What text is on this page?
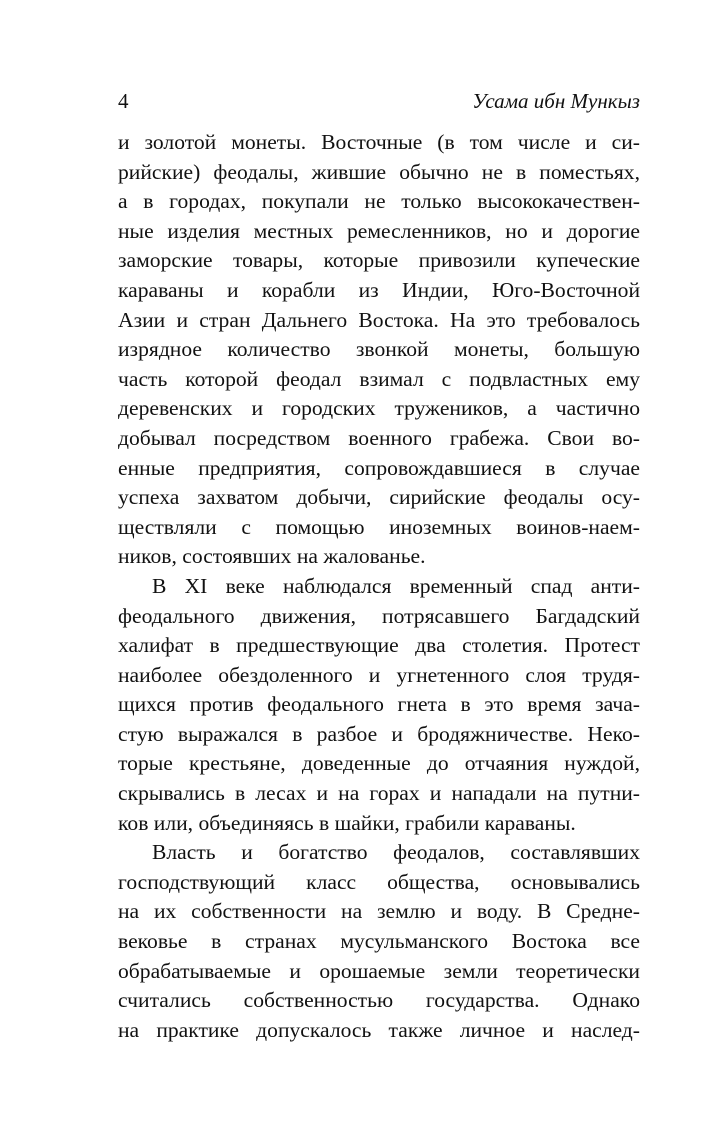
4	Усама ибн Мункыз
и золотой монеты. Восточные (в том числе и си-
рийские) феодалы, жившие обычно не в поместьях,
а в городах, покупали не только высококачествен-
ные изделия местных ремесленников, но и дорогие
заморские товары, которые привозили купеческие
караваны и корабли из Индии, Юго-Восточной
Азии и стран Дальнего Востока. На это требовалось
изрядное количество звонкой монеты, большую
часть которой феодал взимал с подвластных ему
деревенских и городских тружеников, а частично
добывал посредством военного грабежа. Свои во-
енные предприятия, сопровождавшиеся в случае
успеха захватом добычи, сирийские феодалы осу-
ществляли с помощью иноземных воинов-наем-
ников, состоявших на жалованье.
В XI веке наблюдался временный спад анти-
феодального движения, потрясавшего Багдадский
халифат в предшествующие два столетия. Протест
наиболее обездоленного и угнетенного слоя трудя-
щихся против феодального гнета в это время зача-
стую выражался в разбое и бродяжничестве. Неко-
торые крестьяне, доведенные до отчаяния нуждой,
скрывались в лесах и на горах и нападали на путни-
ков или, объединяясь в шайки, грабили караваны.
Власть и богатство феодалов, составлявших
господствующий класс общества, основывались
на их собственности на землю и воду. В Средне-
вековье в странах мусульманского Востока все
обрабатываемые и орошаемые земли теоретически
считались собственностью государства. Однако
на практике допускалось также личное и наслед-
